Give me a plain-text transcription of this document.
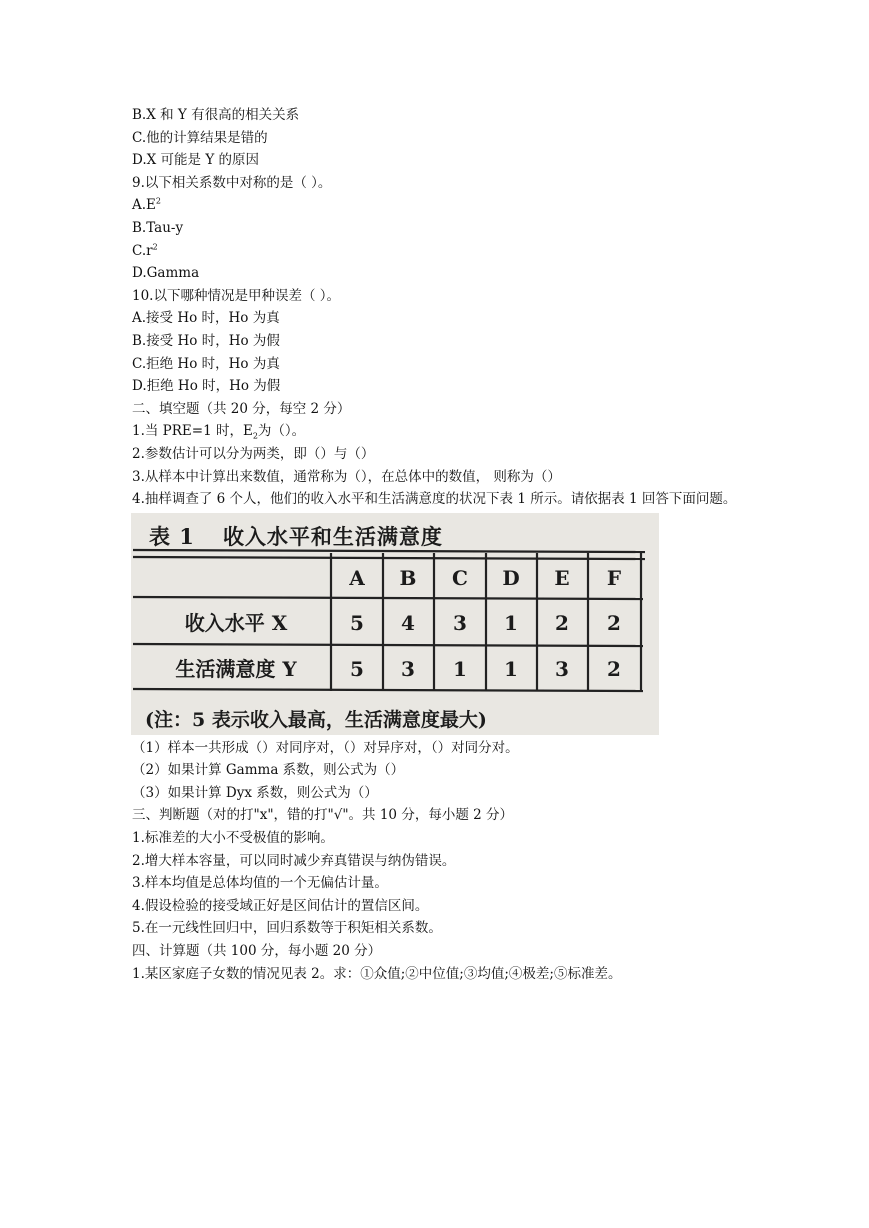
B.X 和 Y 有很高的相关关系
C.他的计算结果是错的
D.X 可能是 Y 的原因
9.以下相关系数中对称的是（ ）。
$A.E^2$
B.Tau-y
$C.r^2$
D.Gamma
10.以下哪种情况是甲种误差（ ）。
A.接受 Ho 时，Ho 为真
B.接受 Ho 时，Ho 为假
C.拒绝 Ho 时，Ho 为真
D.拒绝 Ho 时，Ho 为假
二、填空题（共 20 分，每空 2 分）
1.当 PRE=1 时，$E_2$为（）。
2.参数估计可以分为两类，即（）与（）
3.从样本中计算出来数值，通常称为（），在总体中的数值， 则称为（）
4.抽样调查了 6 个人，他们的收入水平和生活满意度的状况下表 1 所示。请依据表 1 回答下面问题。
表 1 收入水平和生活满意度
A B C D E F
收入水平 X	5 4 3 1 2 2
生活满意度 Y	5 3 1 1 3 2
(注：5 表示收入最高，生活满意度最大)
（1）样本一共形成（）对同序对，（）对异序对，（）对同分对。
（2）如果计算 Gamma 系数，则公式为（）
（3）如果计算 Dyx 系数，则公式为（）
三、判断题（对的打"x"，错的打"√"。共 10 分，每小题 2 分）
1.标准差的大小不受极值的影响。
2.增大样本容量，可以同时减少弃真错误与纳伪错误。
3.样本均值是总体均值的一个无偏估计量。
4.假设检验的接受域正好是区间估计的置信区间。
5.在一元线性回归中，回归系数等于积矩相关系数。
四、计算题（共 100 分，每小题 20 分）
1.某区家庭子女数的情况见表 2。求：①众值;②中位值;③均值;④极差;⑤标准差。
